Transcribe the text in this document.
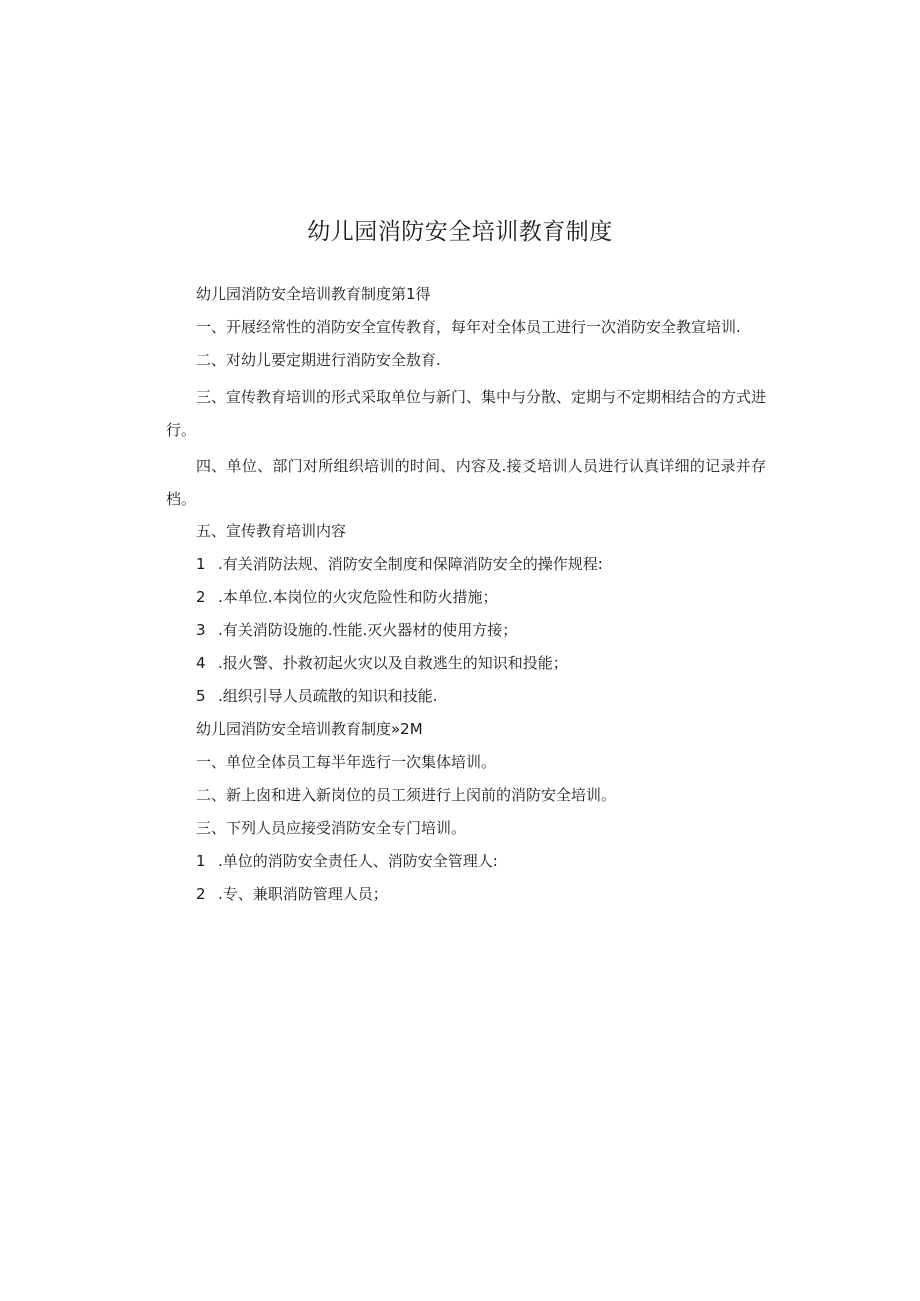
幼儿园消防安全培训教育制度

幼儿园消防安全培训教育制度第1得

一、开屐经常性的消防安全宣传教育，每年对全体员工进行一次消防安全教宣培训.

二、对幼儿要定期进行消防安全敖育.

三、宣传教育培训的形式采取单位与新门、集中与分散、定期与不定期相结合的方式进行。

四、单位、部门对所组织培训的时间、内容及.接爻培训人员进行认真详细的记录并存档。

五、宣传教育培训内容

1 .有关消防法规、消防安全制度和保障消防安全的操作规程:
2 .本单位.本岗位的火灾危险性和防火措施；
3 .有关消防设施的.性能.灭火器材的使用方接；
4 .报火警、扑救初起火灾以及自救逃生的知识和投能；
5 .组织引导人员疏散的知识和技能.

幼儿园消防安全培训教育制度»2M

一、单位全体员工每半年选行一次集体培训。

二、新上囱和进入新岗位的员工须进行上闵前的消防安全培训。

三、下列人员应接受消防安全专门培训。

1 .单位的消防安全责任人、消防安全管理人:
2 .专、兼职消防管理人员；
